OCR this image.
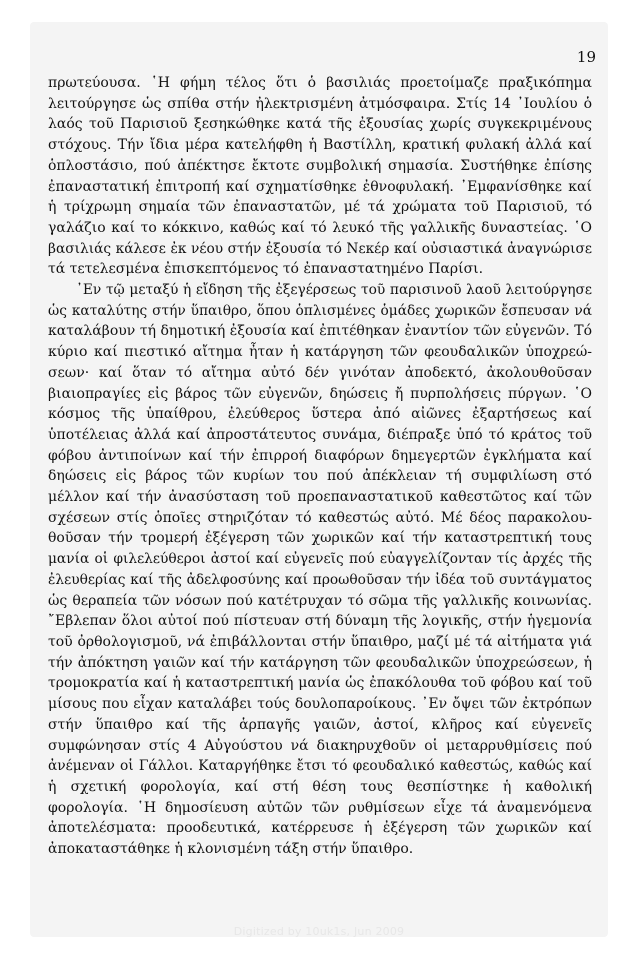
19
πρωτεύουσα. ῾Η φήμη τέλος ὅτι ὁ βασιλιάς προετοίμαζε πραξικόπημα
λειτούργησε ὡς σπίθα στήν ἠλεκτρισμένη ἀτμόσφαιρα. Στίς 14 ᾽Ιουλίου ὁ
λαός τοῦ Παρισιοῦ ξεσηκώθηκε κατά τῆς ἐξουσίας χωρίς συγκεκριμένους
στόχους. Τήν ἴδια μέρα κατελήφθη ἡ Βαστίλλη, κρατική φυλακή ἀλλά καί
ὁπλοστάσιο, πού ἀπέκτησε ἔκτοτε συμβολική σημασία. Συστήθηκε ἐπίσης
ἐπαναστατική ἐπιτροπή καί σχηματίσθηκε ἐθνοφυλακή. ᾽Εμφανίσθηκε καί
ἡ τρίχρωμη σημαία τῶν ἐπαναστατῶν, μέ τά χρώματα τοῦ Παρισιοῦ, τό
γαλάζιο καί το κόκκινο, καθώς καί τό λευκό τῆς γαλλικῆς δυναστείας. ῾Ο
βασιλιάς κάλεσε ἐκ νέου στήν ἐξουσία τό Νεκέρ καί οὐσιαστικά ἀναγνώρισε
τά τετελεσμένα ἐπισκεπτόμενος τό ἐπαναστατημένο Παρίσι.
᾽Εν τῷ μεταξύ ἡ εἴδηση τῆς ἐξεγέρσεως τοῦ παρισινοῦ λαοῦ λειτούργησε
ὡς καταλύτης στήν ὕπαιθρο, ὅπου ὁπλισμένες ὁμάδες χωρικῶν ἔσπευσαν νά
καταλάβουν τή δημοτική ἐξουσία καί ἐπιτέθηκαν ἐναντίον τῶν εὐγενῶν. Τό
κύριο καί πιεστικό αἴτημα ἦταν ἡ κατάργηση τῶν φεουδαλικῶν ὑποχρεώ-
σεων· καί ὅταν τό αἴτημα αὐτό δέν γινόταν ἀποδεκτό, ἀκολουθοῦσαν
βιαιοπραγίες εἰς βάρος τῶν εὐγενῶν, δηώσεις ἤ πυρπολήσεις πύργων. ῾Ο
κόσμος τῆς ὑπαίθρου, ἐλεύθερος ὕστερα ἀπό αἰῶνες ἐξαρτήσεως καί
ὑποτέλειας ἀλλά καί ἀπροστάτευτος συνάμα, διέπραξε ὑπό τό κράτος τοῦ
φόβου ἀντιποίνων καί τήν ἐπιρροή διαφόρων δημεγερτῶν ἐγκλήματα καί
δηώσεις εἰς βάρος τῶν κυρίων του πού ἀπέκλειαν τή συμφιλίωση στό
μέλλον καί τήν ἀνασύσταση τοῦ προεπαναστατικοῦ καθεστῶτος καί τῶν
σχέσεων στίς ὁποῖες στηριζόταν τό καθεστώς αὐτό. Μέ δέος παρακολου-
θοῦσαν τήν τρομερή ἐξέγερση τῶν χωρικῶν καί τήν καταστρεπτική τους
μανία οἱ φιλελεύθεροι ἀστοί καί εὐγενεῖς πού εὐαγγελίζονταν τίς ἀρχές τῆς
ἐλευθερίας καί τῆς ἀδελφοσύνης καί προωθοῦσαν τήν ἰδέα τοῦ συντάγματος
ὡς θεραπεία τῶν νόσων πού κατέτρυχαν τό σῶμα τῆς γαλλικῆς κοινωνίας.
῎Εβλεπαν ὅλοι αὐτοί πού πίστευαν στή δύναμη τῆς λογικῆς, στήν ἡγεμονία
τοῦ ὀρθολογισμοῦ, νά ἐπιβάλλονται στήν ὕπαιθρο, μαζί μέ τά αἰτήματα γιά
τήν ἀπόκτηση γαιῶν καί τήν κατάργηση τῶν φεουδαλικῶν ὑποχρεώσεων, ἡ
τρομοκρατία καί ἡ καταστρεπτική μανία ὡς ἐπακόλουθα τοῦ φόβου καί τοῦ
μίσους που εἶχαν καταλάβει τούς δουλοπαροίκους. ᾽Εν ὄψει τῶν ἐκτρόπων
στήν ὕπαιθρο καί τῆς ἁρπαγῆς γαιῶν, ἀστοί, κλῆρος καί εὐγενεῖς
συμφώνησαν στίς 4 Αὐγούστου νά διακηρυχθοῦν οἱ μεταρρυθμίσεις πού
ἀνέμεναν οἱ Γάλλοι. Καταργήθηκε ἔτσι τό φεουδαλικό καθεστώς, καθώς καί
ἡ σχετική φορολογία, καί στή θέση τους θεσπίστηκε ἡ καθολική
φορολογία. ῾Η δημοσίευση αὐτῶν τῶν ρυθμίσεων εἶχε τά ἀναμενόμενα
ἀποτελέσματα: προοδευτικά, κατέρρευσε ἡ ἐξέγερση τῶν χωρικῶν καί
ἀποκαταστάθηκε ἡ κλονισμένη τάξη στήν ὕπαιθρο.
Digitized by 10uk1s, Jun 2009
